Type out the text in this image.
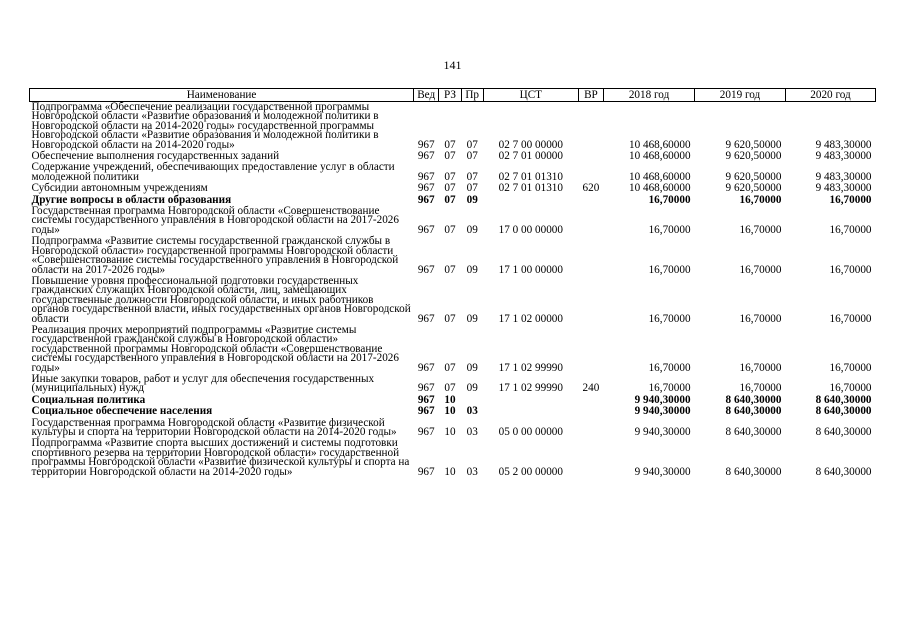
141
Наименование	Вед	РЗ	Пр	ЦСТ	ВР	2018 год	2019 год	2020 год
Подпрограмма «Обеспечение реализации государственной программы Новгородской области «Развитие образования и молодежной политики в Новгородской области на 2014-2020 годы» государственной программы Новгородской области «Развитие образования и молодежной политики в Новгородской области на 2014-2020 годы»	967	07	07	02 7 00 00000		10 468,60000	9 620,50000	9 483,30000
Обеспечение выполнения государственных заданий	967	07	07	02 7 01 00000		10 468,60000	9 620,50000	9 483,30000
Содержание учреждений, обеспечивающих предоставление услуг в области молодежной политики	967	07	07	02 7 01 01310		10 468,60000	9 620,50000	9 483,30000
Субсидии автономным учреждениям	967	07	07	02 7 01 01310	620	10 468,60000	9 620,50000	9 483,30000
Другие вопросы в области образования	967	07	09			16,70000	16,70000	16,70000
Государственная программа Новгородской области «Совершенствование системы государственного управления в Новгородской области на 2017-2026 годы»	967	07	09	17 0 00 00000		16,70000	16,70000	16,70000
Подпрограмма «Развитие системы государственной гражданской службы в Новгородской области» государственной программы Новгородской области «Совершенствование системы государственного управления в Новгородской области на 2017-2026 годы»	967	07	09	17 1 00 00000		16,70000	16,70000	16,70000
Повышение уровня профессиональной подготовки государственных гражданских служащих Новгородской области, лиц, замещающих государственные должности Новгородской области, и иных работников органов государственной власти, иных государственных органов Новгородской области	967	07	09	17 1 02 00000		16,70000	16,70000	16,70000
Реализация прочих мероприятий подпрограммы «Развитие системы государственной гражданской службы в Новгородской области» государственной программы Новгородской области «Совершенствование системы государственного управления в Новгородской области на 2017-2026 годы»	967	07	09	17 1 02 99990		16,70000	16,70000	16,70000
Иные закупки товаров, работ и услуг для обеспечения государственных (муниципальных) нужд	967	07	09	17 1 02 99990	240	16,70000	16,70000	16,70000
Социальная политика	967	10				9 940,30000	8 640,30000	8 640,30000
Социальное обеспечение населения	967	10	03			9 940,30000	8 640,30000	8 640,30000
Государственная программа Новгородской области «Развитие физической культуры и спорта на территории Новгородской области на 2014-2020 годы»	967	10	03	05 0 00 00000		9 940,30000	8 640,30000	8 640,30000
Подпрограмма «Развитие спорта высших достижений и системы подготовки спортивного резерва на территории Новгородской области» государственной программы Новгородской области «Развитие физической культуры и спорта на территории Новгородской области на 2014-2020 годы»	967	10	03	05 2 00 00000		9 940,30000	8 640,30000	8 640,30000
